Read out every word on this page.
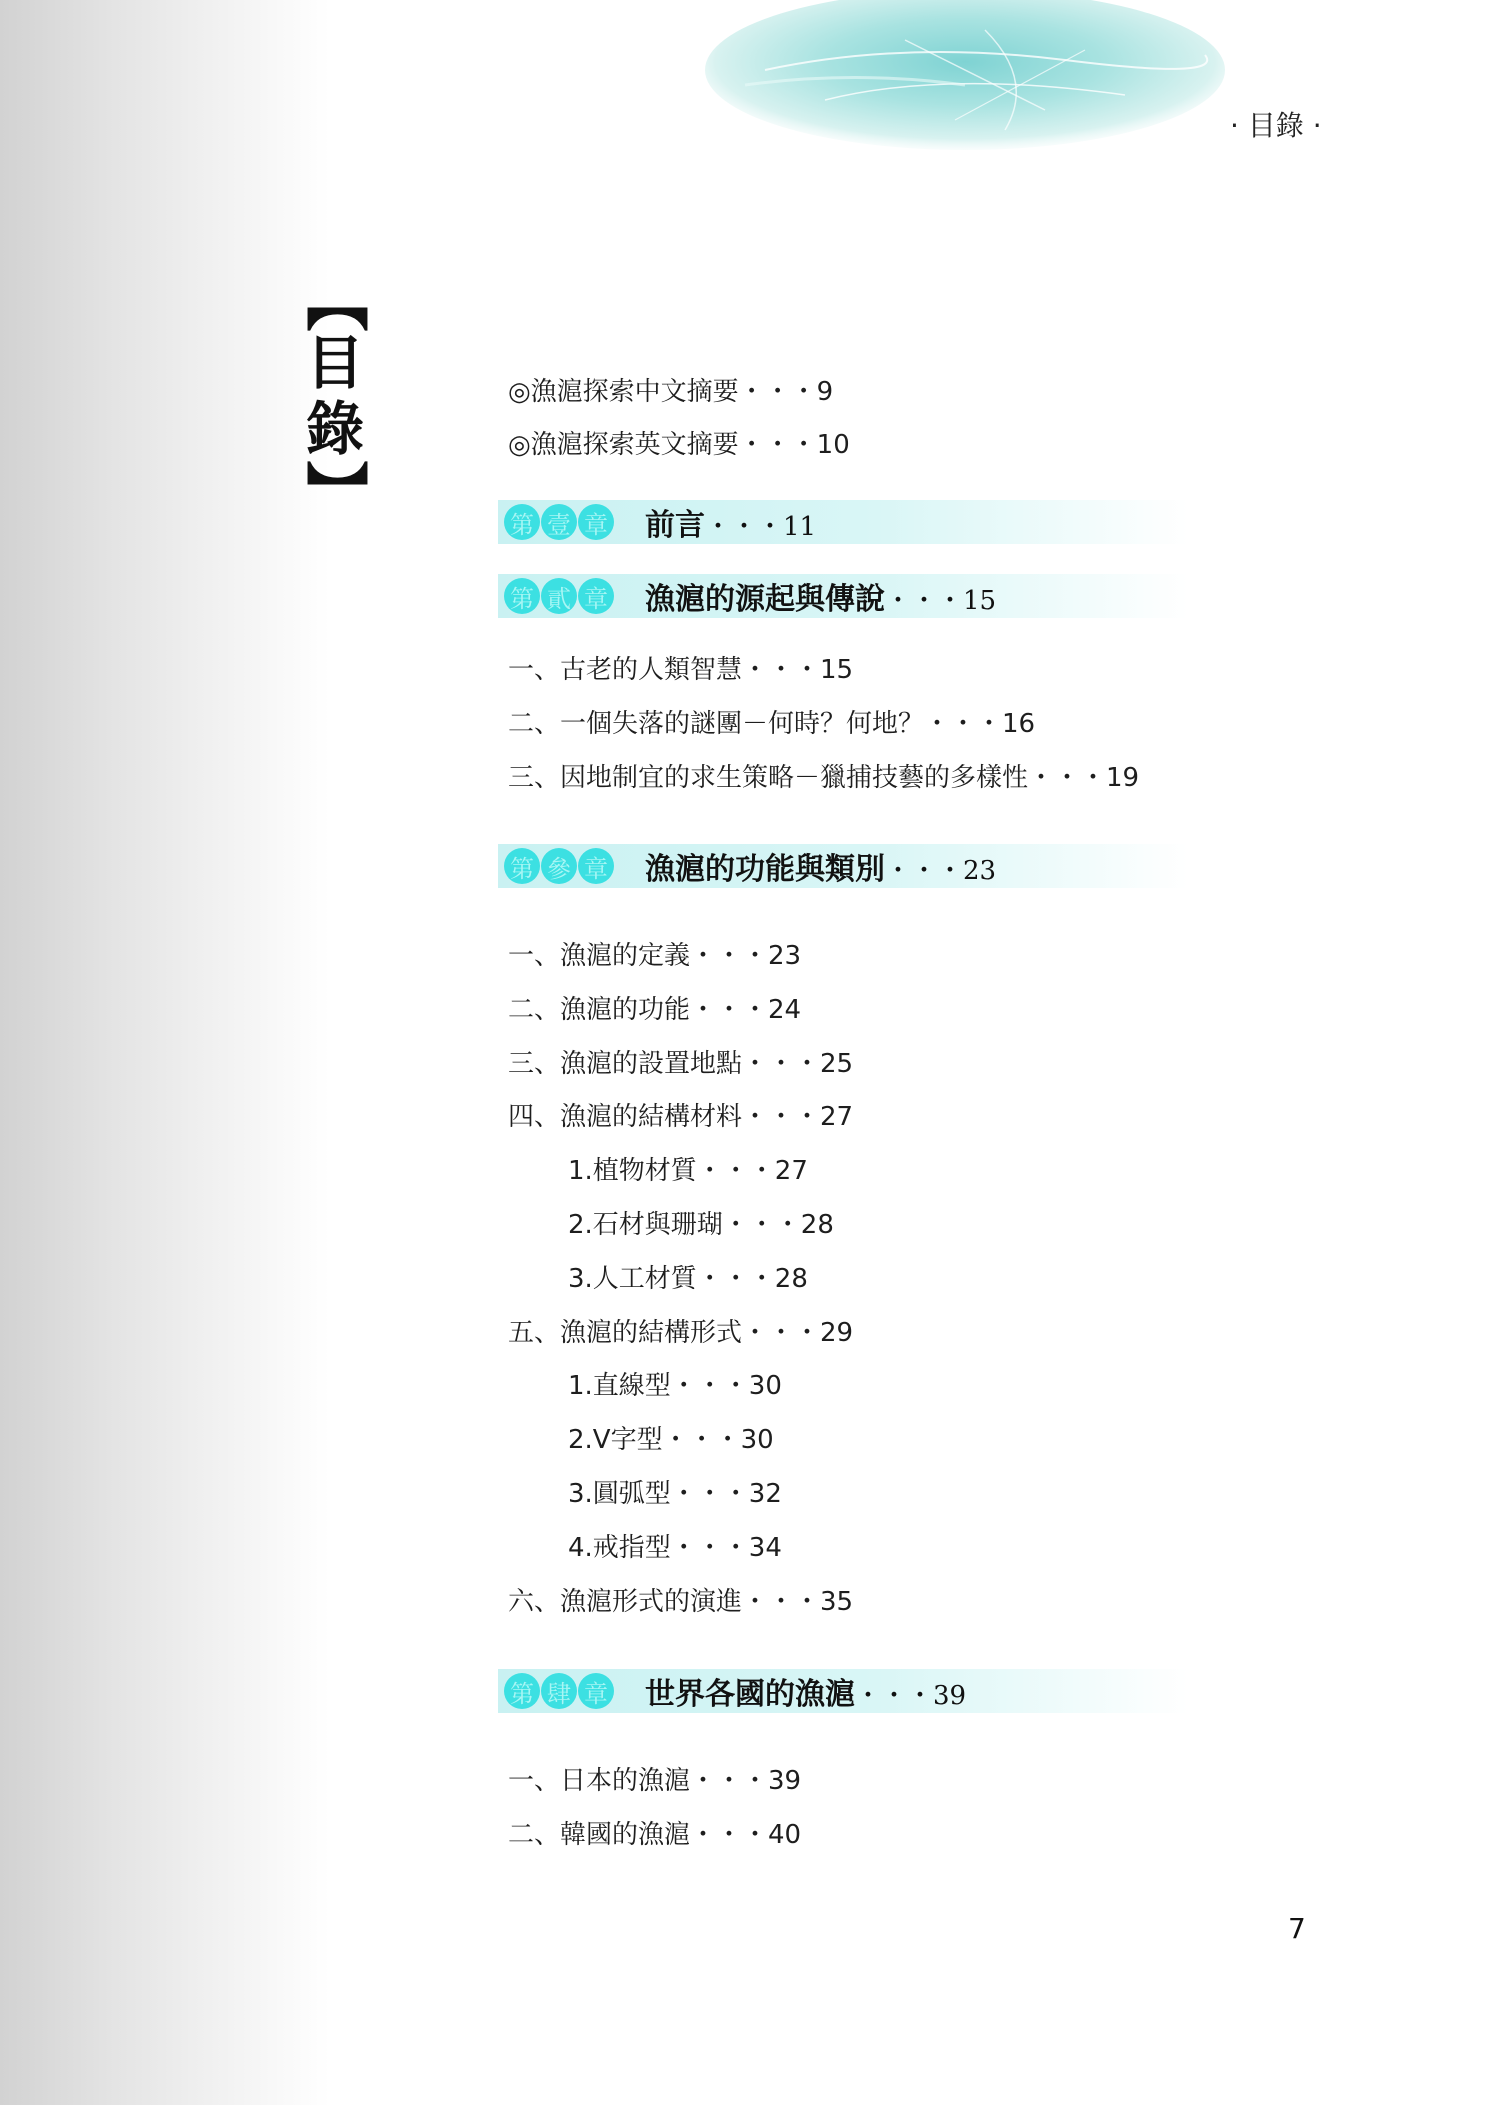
· 目錄 ·
【
目
錄
】
◎漁滬探索中文摘要・・・9
◎漁滬探索英文摘要・・・10
第 壹 章 前言・・・11
第 貳 章 漁滬的源起與傳說・・・15
一、古老的人類智慧・・・15
二、一個失落的謎團－何時？何地？・・・16
三、因地制宜的求生策略－獵捕技藝的多樣性・・・19
第 參 章 漁滬的功能與類別・・・23
一、漁滬的定義・・・23
二、漁滬的功能・・・24
三、漁滬的設置地點・・・25
四、漁滬的結構材料・・・27
1.植物材質・・・27
2.石材與珊瑚・・・28
3.人工材質・・・28
五、漁滬的結構形式・・・29
1.直線型・・・30
2.V字型・・・30
3.圓弧型・・・32
4.戒指型・・・34
六、漁滬形式的演進・・・35
第 肆 章 世界各國的漁滬・・・39
一、日本的漁滬・・・39
二、韓國的漁滬・・・40
7
